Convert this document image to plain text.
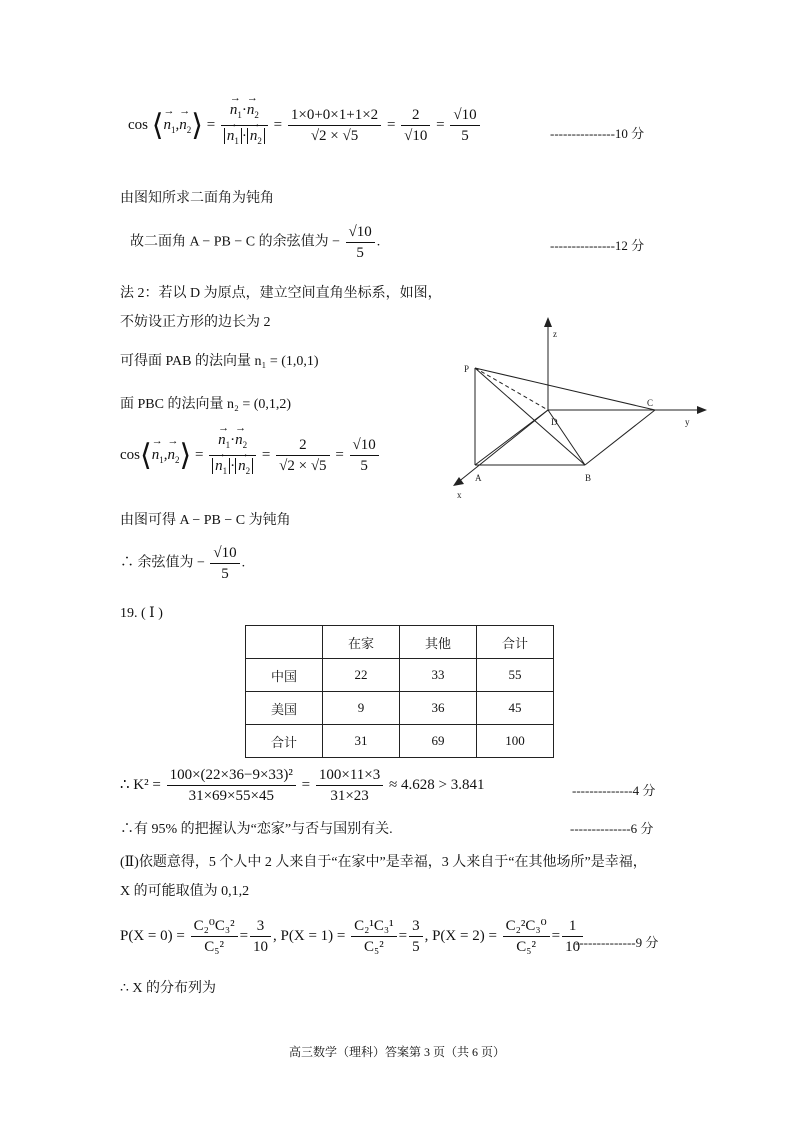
cos ⟨→ $n_1,\to$ $n_2⟩$ = → $n_1\cdot\to n_2$
→ $n_1$ · → $n_2 = \frac{1\times 0+0\times 1+1\times 2}{√2 \times √5} = \frac{2}{√10} = \frac{√10}{5}$	---------------10 分
由图知所求二面角为钝角
故二面角 A − PB − C 的余弦值为 − $\frac{√10}{5}$ .	---------------12 分
法 2：若以 D 为原点，建立空间直角坐标系，如图，
不妨设正方形的边长为 2
可得面 PAB 的法向量 n₁ = (1,0,1)
面 PBC 的法向量 n₂ = (0,1,2)
cos⟨→ $n_1,\to$ $n_2⟩$ = → $n_1\cdot\to n_2$
→ $n_1$ · → $n_2 = \frac{2}{√2 \times √5} = \frac{√10}{5}$
由图可得 A − PB − C 为钝角
∴ 余弦值为 − $\frac{√10}{5}$ .
z
y
x
P
D
C
A	B
19. ( Ⅰ )
	在家	其他	合计
中国	22	33	55
美国	9	36	45
合计	31	69	100
∴ $K^2 = \frac{\text{100×(22×36−9×33)²}}{31\times 69\times 55\times 45} = \frac{100\times 11\times 3}{31\times 23} \approx 4.628 > 3.841$	--------------4 分
∴有 95% 的把握认为“恋家”与否与国别有关.	--------------6 分
(Ⅱ)依题意得，5 个人中 2 人来自于“在家中”是幸福，3 人来自于“在其他场所”是幸福，
X 的可能取值为 0,1,2
$P(X = 0) = \frac{\text{C₂⁰C₃²}}{\text{C₅²}} = \frac{3}{10}$ , $P(X = 1) = \frac{\text{C₂¹C₃¹}}{\text{C₅²}} = \frac{3}{5}$ , $P(X = 2) = \frac{\text{C₂²C₃⁰}}{\text{C₅²}} = \frac{1}{10}$
--------------9 分
∴ X 的分布列为
高三数学（理科）答案第 3 页（共 6 页）
